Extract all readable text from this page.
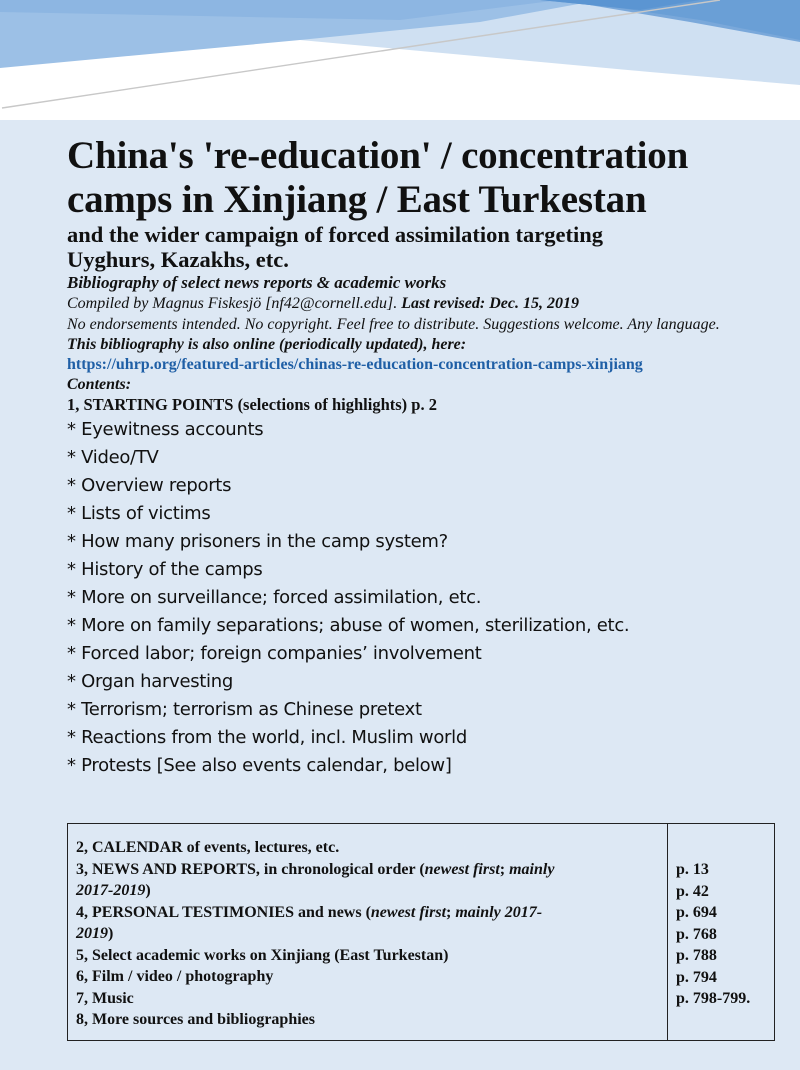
China's 're-education' / concentration
camps in Xinjiang / East Turkestan
and the wider campaign of forced assimilation targeting
Uyghurs, Kazakhs, etc.
Bibliography of select news reports & academic works
Compiled by Magnus Fiskesjö [nf42@cornell.edu]. Last revised: Dec. 15, 2019
No endorsements intended. No copyright. Feel free to distribute. Suggestions welcome. Any language.
This bibliography is also online (periodically updated), here:
https://uhrp.org/featured-articles/chinas-re-education-concentration-camps-xinjiang
Contents:
1, STARTING POINTS (selections of highlights) p. 2
* Eyewitness accounts
* Video/TV
* Overview reports
* Lists of victims
* How many prisoners in the camp system?
* History of the camps
* More on surveillance; forced assimilation, etc.
* More on family separations; abuse of women, sterilization, etc.
* Forced labor; foreign companies’ involvement
* Organ harvesting
* Terrorism; terrorism as Chinese pretext
* Reactions from the world, incl. Muslim world
* Protests [See also events calendar, below]
2, CALENDAR of events, lectures, etc.
3, NEWS AND REPORTS, in chronological order (newest first; mainly
2017-2019)
4, PERSONAL TESTIMONIES and news (newest first; mainly 2017-
2019)
5, Select academic works on Xinjiang (East Turkestan)
6, Film / video / photography
7, Music
8, More sources and bibliographies
p. 13
p. 42
p. 694
p. 768
p. 788
p. 794
p. 798-799.
